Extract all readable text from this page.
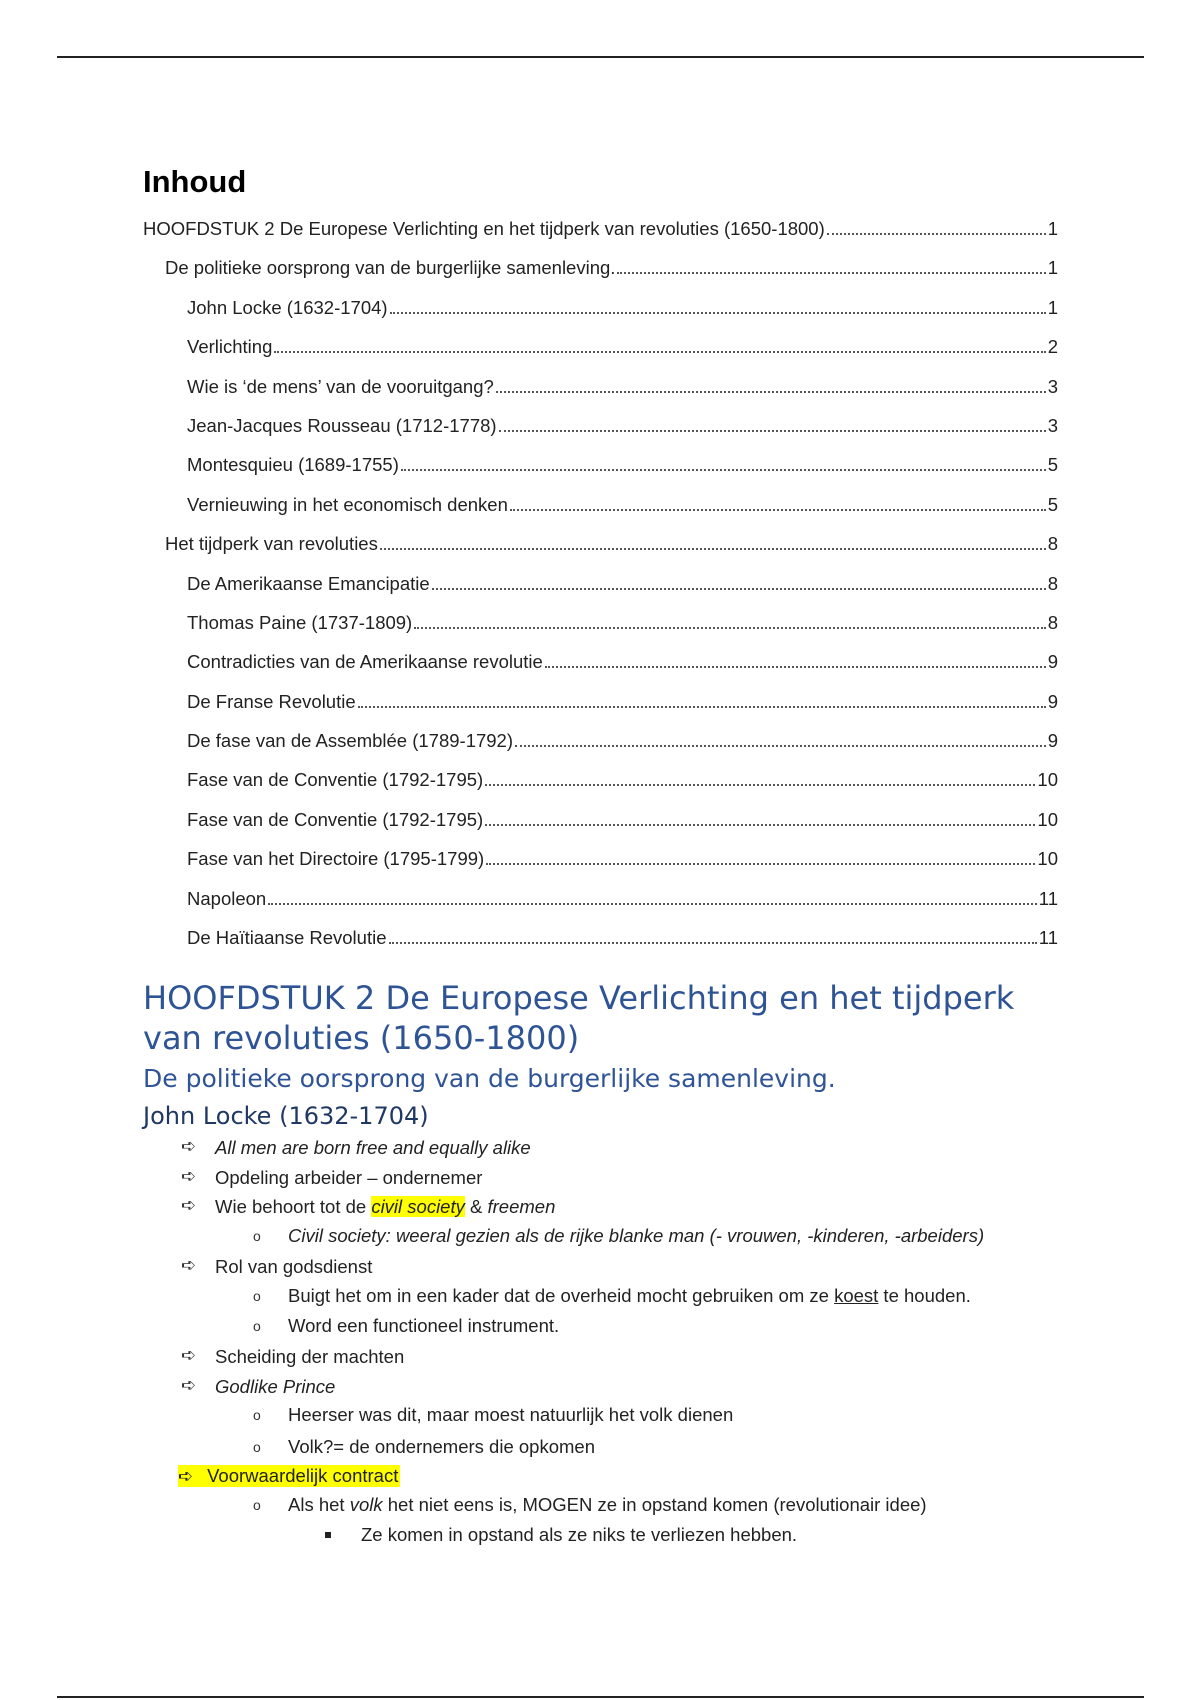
Inhoud
HOOFDSTUK 2 De Europese Verlichting en het tijdperk van revoluties (1650-1800)	1
De politieke oorsprong van de burgerlijke samenleving.	1
John Locke (1632-1704)	1
Verlichting	2
Wie is ‘de mens’ van de vooruitgang?	3
Jean-Jacques Rousseau (1712-1778)	3
Montesquieu (1689-1755)	5
Vernieuwing in het economisch denken	5
Het tijdperk van revoluties	8
De Amerikaanse Emancipatie	8
Thomas Paine (1737-1809)	8
Contradicties van de Amerikaanse revolutie	9
De Franse Revolutie	9
De fase van de Assemblée (1789-1792)	9
Fase van de Conventie (1792-1795)	10
Fase van de Conventie (1792-1795)	10
Fase van het Directoire (1795-1799)	10
Napoleon	11
De Haïtiaanse Revolutie	11
HOOFDSTUK 2 De Europese Verlichting en het tijdperk van revoluties (1650-1800)
De politieke oorsprong van de burgerlijke samenleving.
John Locke (1632-1704)
➪ All men are born free and equally alike
➪ Opdeling arbeider – ondernemer
➪ Wie behoort tot de civil society & freemen
o Civil society: weeral gezien als de rijke blanke man (- vrouwen, -kinderen, -arbeiders)
➪ Rol van godsdienst
o Buigt het om in een kader dat de overheid mocht gebruiken om ze koest te houden.
o Word een functioneel instrument.
➪ Scheiding der machten
➪ Godlike Prince
o Heerser was dit, maar moest natuurlijk het volk dienen
o Volk?= de ondernemers die opkomen
➪ Voorwaardelijk contract
o Als het volk het niet eens is, MOGEN ze in opstand komen (revolutionair idee)
Ze komen in opstand als ze niks te verliezen hebben.
